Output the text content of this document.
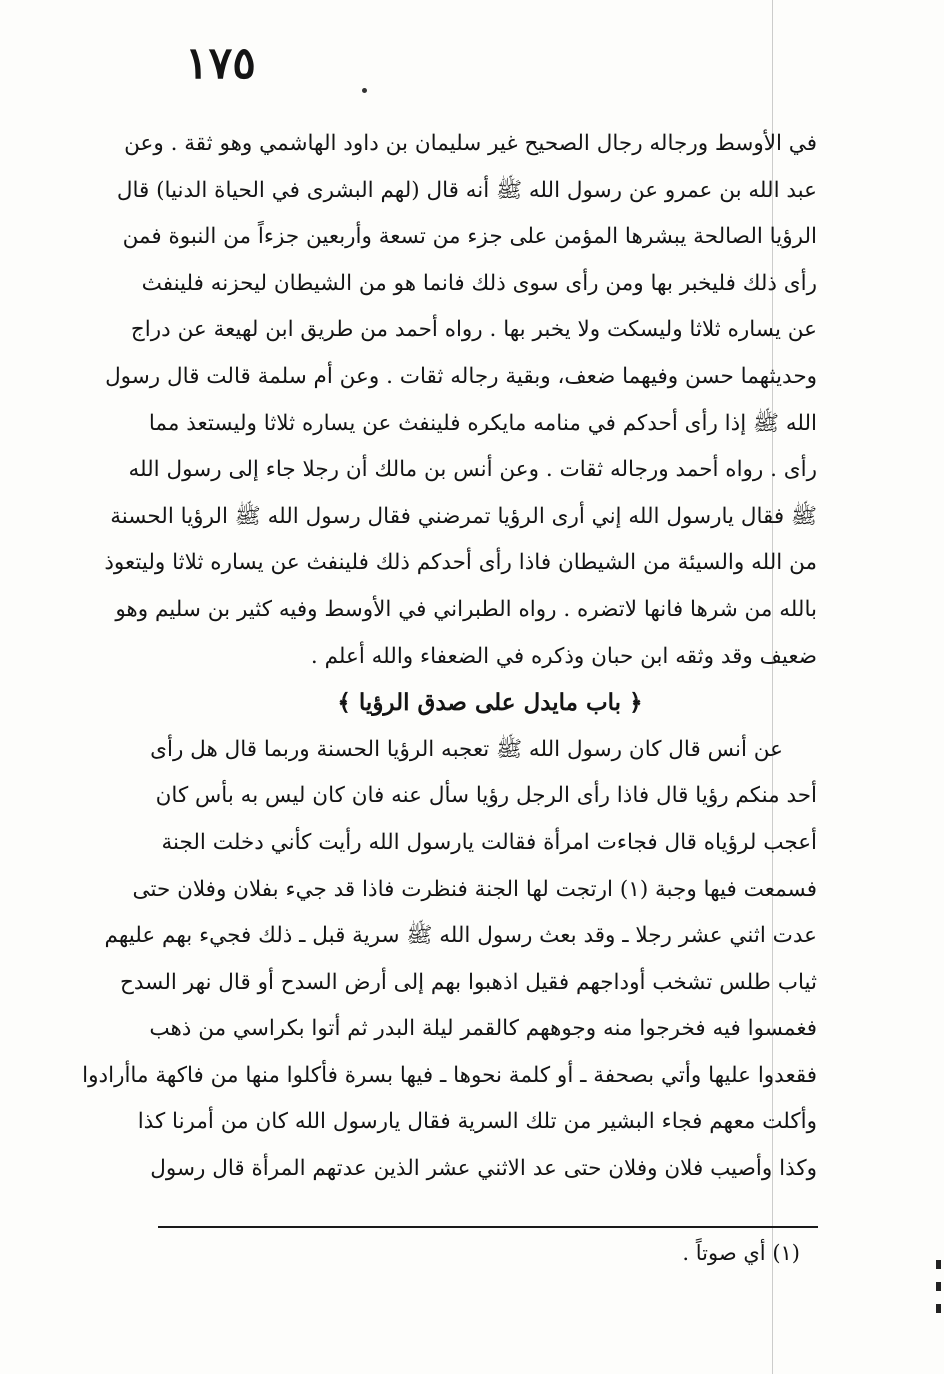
١٧٥
في الأوسط ورجاله رجال الصحيح غير سليمان بن داود الهاشمي وهو ثقة . وعن
عبد الله بن عمرو عن رسول الله ﷺ أنه قال (لهم البشرى في الحياة الدنيا) قال
الرؤيا الصالحة يبشرها المؤمن على جزء من تسعة وأربعين جزءاً من النبوة فمن
رأى ذلك فليخبر بها ومن رأى سوى ذلك فانما هو من الشيطان ليحزنه فلينفث
عن يساره ثلاثا وليسكت ولا يخبر بها . رواه أحمد من طريق ابن لهيعة عن دراج
وحديثهما حسن وفيهما ضعف، وبقية رجاله ثقات . وعن أم سلمة قالت قال رسول
الله ﷺ إذا رأى أحدكم في منامه مايكره فلينفث عن يساره ثلاثا وليستعذ مما
رأى . رواه أحمد ورجاله ثقات . وعن أنس بن مالك أن رجلا جاء إلى رسول الله
ﷺ فقال يارسول الله إني أرى الرؤيا تمرضني فقال رسول الله ﷺ الرؤيا الحسنة
من الله والسيئة من الشيطان فاذا رأى أحدكم ذلك فلينفث عن يساره ثلاثا وليتعوذ
بالله من شرها فانها لاتضره . رواه الطبراني في الأوسط وفيه كثير بن سليم وهو
ضعيف وقد وثقه ابن حبان وذكره في الضعفاء والله أعلم .
﴿ باب مايدل على صدق الرؤيا ﴾
عن أنس قال كان رسول الله ﷺ تعجبه الرؤيا الحسنة وربما قال هل رأى
أحد منكم رؤيا قال فاذا رأى الرجل رؤيا سأل عنه فان كان ليس به بأس كان
أعجب لرؤياه قال فجاءت امرأة فقالت يارسول الله رأيت كأني دخلت الجنة
فسمعت فيها وجبة (١) ارتجت لها الجنة فنظرت فاذا قد جيء بفلان وفلان حتى
عدت اثني عشر رجلا ـ وقد بعث رسول الله ﷺ سرية قبل ـ ذلك فجيء بهم عليهم
ثياب طلس تشخب أوداجهم فقيل اذهبوا بهم إلى أرض السدح أو قال نهر السدح
فغمسوا فيه فخرجوا منه وجوههم كالقمر ليلة البدر ثم أتوا بكراسي من ذهب
فقعدوا عليها وأتي بصحفة ـ أو كلمة نحوها ـ فيها بسرة فأكلوا منها من فاكهة ماأرادوا
وأكلت معهم فجاء البشير من تلك السرية فقال يارسول الله كان من أمرنا كذا
وكذا وأصيب فلان وفلان حتى عد الاثني عشر الذين عدتهم المرأة قال رسول
(١) أي صوتاً .
